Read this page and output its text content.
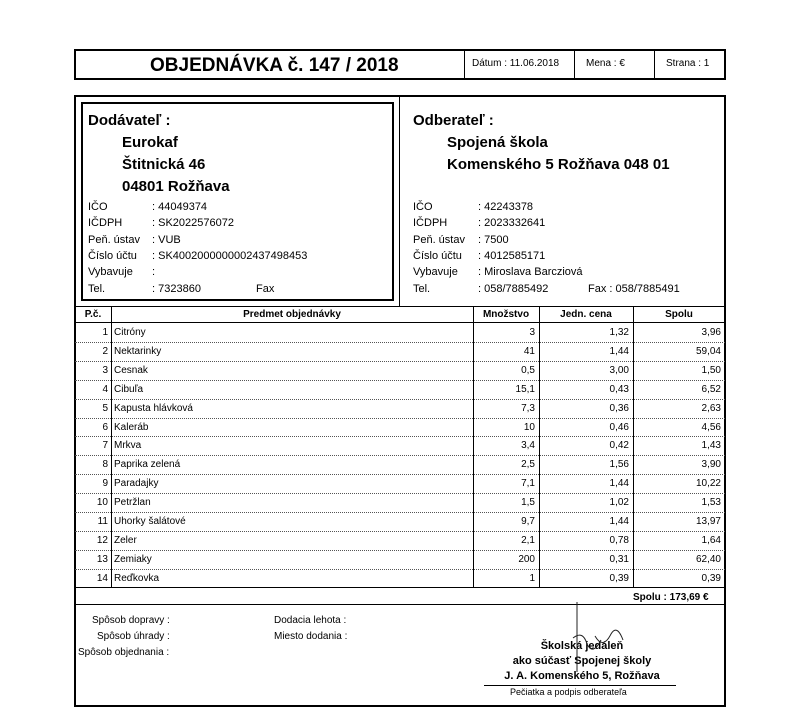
OBJEDNÁVKA č. 147 / 2018	Dátum : 11.06.2018	Mena : €	Strana : 1
Dodávateľ :
Eurokaf
Štitnická 46
04801 Rožňava
IČO	: 44049374
IČDPH	: SK2022576072
Peň. ústav : VUB
Číslo účtu : SK4002000000002437498453
Vybavuje :
Tel.	: 7323860	Fax
Odberateľ :
Spojená škola
Komenského 5 Rožňava 048 01
IČO	: 42243378
IČDPH	: 2023332641
Peň. ústav : 7500
Číslo účtu : 4012585171
Vybavuje : Miroslava Barcziová
Tel.	: 058/7885492	Fax : 058/7885491
P.č.	Predmet objednávky	Množstvo	Jedn. cena	Spolu
1 Citróny	3	1,32	3,96
2 Nektarinky	41	1,44	59,04
3 Cesnak	0,5	3,00	1,50
4 Cibuľa	15,1	0,43	6,52
5 Kapusta hlávková	7,3	0,36	2,63
6 Kaleráb	10	0,46	4,56
7 Mrkva	3,4	0,42	1,43
8 Paprika zelená	2,5	1,56	3,90
9 Paradajky	7,1	1,44	10,22
10 Petržlan	1,5	1,02	1,53
11 Uhorky šalátové	9,7	1,44	13,97
12 Zeler	2,1	0,78	1,64
13 Zemiaky	200	0,31	62,40
14 Reďkovka	1	0,39	0,39
Spolu : 173,69 €
Spôsob dopravy :
Spôsob úhrady :
Spôsob objednania :
Dodacia lehota :
Miesto dodania :
Školská jedáleň
ako súčasť Spojenej školy
J. A. Komenského 5, Rožňava
Pečiatka a podpis odberateľa
